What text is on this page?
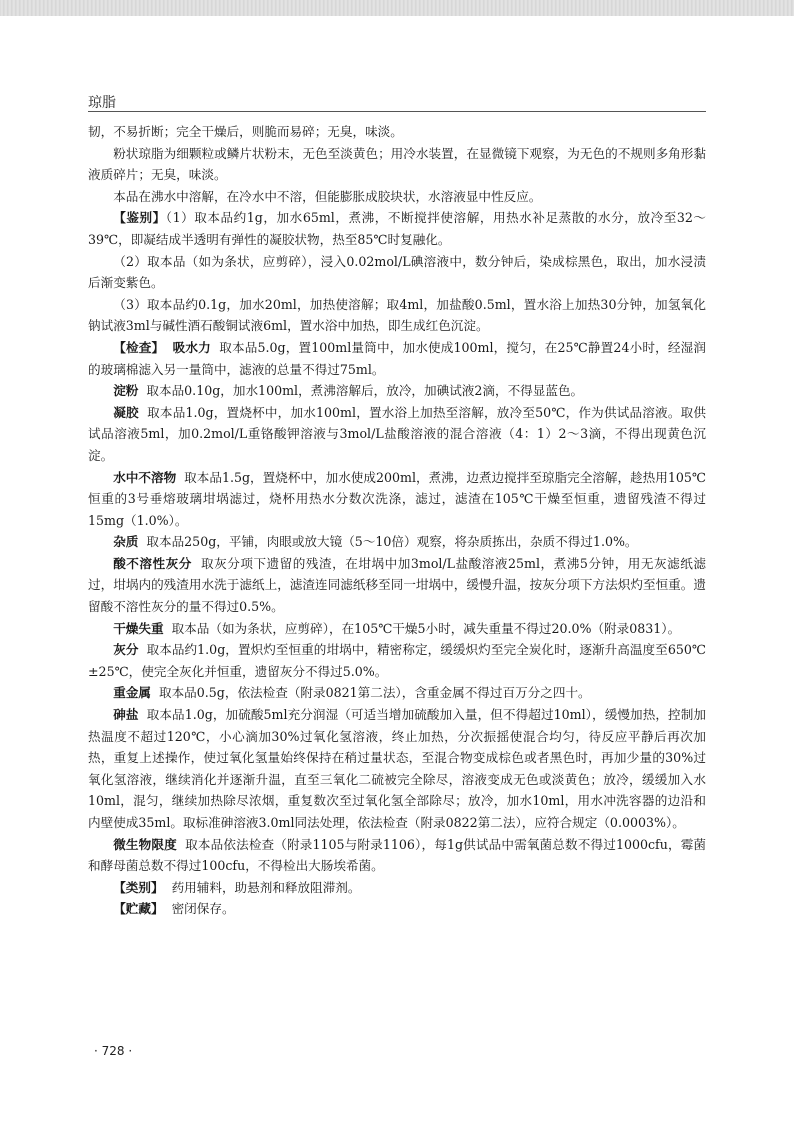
琼脂

韧，不易折断；完全干燥后，则脆而易碎；无臭，味淡。

粉状琼脂为细颗粒或鳞片状粉末，无色至淡黄色；用冷水装置，在显微镜下观察，为无色的不规则多角形黏液质碎片；无臭，味淡。

本品在沸水中溶解，在冷水中不溶，但能膨胀成胶块状，水溶液显中性反应。

【鉴别】（1）取本品约1g，加水65ml，煮沸，不断搅拌使溶解，用热水补足蒸散的水分，放冷至32～39℃，即凝结成半透明有弹性的凝胶状物，热至85℃时复融化。

（2）取本品（如为条状，应剪碎），浸入0.02mol/L碘溶液中，数分钟后，染成棕黑色，取出，加水浸渍后渐变紫色。

（3）取本品约0.1g，加水20ml，加热使溶解；取4ml，加盐酸0.5ml，置水浴上加热30分钟，加氢氧化钠试液3ml与碱性酒石酸铜试液6ml，置水浴中加热，即生成红色沉淀。

【检查】 吸水力 取本品5.0g，置100ml量筒中，加水使成100ml，搅匀，在25℃静置24小时，经湿润的玻璃棉滤入另一量筒中，滤液的总量不得过75ml。

淀粉 取本品0.10g，加水100ml，煮沸溶解后，放冷，加碘试液2滴，不得显蓝色。

凝胶 取本品1.0g，置烧杯中，加水100ml，置水浴上加热至溶解，放冷至50℃，作为供试品溶液。取供试品溶液5ml，加0.2mol/L重铬酸钾溶液与3mol/L盐酸溶液的混合溶液（4：1）2～3滴，不得出现黄色沉淀。

水中不溶物 取本品1.5g，置烧杯中，加水使成200ml，煮沸，边煮边搅拌至琼脂完全溶解，趁热用105℃恒重的3号垂熔玻璃坩埚滤过，烧杯用热水分数次洗涤，滤过，滤渣在105℃干燥至恒重，遗留残渣不得过15mg（1.0%）。

杂质 取本品250g，平铺，肉眼或放大镜（5～10倍）观察，将杂质拣出，杂质不得过1.0%。

酸不溶性灰分 取灰分项下遗留的残渣，在坩埚中加3mol/L盐酸溶液25ml，煮沸5分钟，用无灰滤纸滤过，坩埚内的残渣用水洗于滤纸上，滤渣连同滤纸移至同一坩埚中，缓慢升温，按灰分项下方法炽灼至恒重。遗留酸不溶性灰分的量不得过0.5%。

干燥失重 取本品（如为条状，应剪碎），在105℃干燥5小时，减失重量不得过20.0%（附录0831）。

灰分 取本品约1.0g，置炽灼至恒重的坩埚中，精密称定，缓缓炽灼至完全炭化时，逐渐升高温度至650℃±25℃，使完全灰化并恒重，遗留灰分不得过5.0%。

重金属 取本品0.5g，依法检查（附录0821第二法），含重金属不得过百万分之四十。

砷盐 取本品1.0g，加硫酸5ml充分润湿（可适当增加硫酸加入量，但不得超过10ml），缓慢加热，控制加热温度不超过120℃，小心滴加30%过氧化氢溶液，终止加热，分次振摇使混合均匀，待反应平静后再次加热，重复上述操作，使过氧化氢量始终保持在稍过量状态，至混合物变成棕色或者黑色时，再加少量的30%过氧化氢溶液，继续消化并逐渐升温，直至三氧化二硫被完全除尽，溶液变成无色或淡黄色；放冷，缓缓加入水10ml，混匀，继续加热除尽浓烟，重复数次至过氧化氢全部除尽；放冷，加水10ml，用水冲洗容器的边沿和内壁使成35ml。取标准砷溶液3.0ml同法处理，依法检查（附录0822第二法），应符合规定（0.0003%）。

微生物限度 取本品依法检查（附录1105与附录1106），每1g供试品中需氧菌总数不得过1000cfu，霉菌和酵母菌总数不得过100cfu，不得检出大肠埃希菌。

【类别】 药用辅料，助悬剂和释放阻滞剂。

【贮藏】 密闭保存。

· 728 ·
